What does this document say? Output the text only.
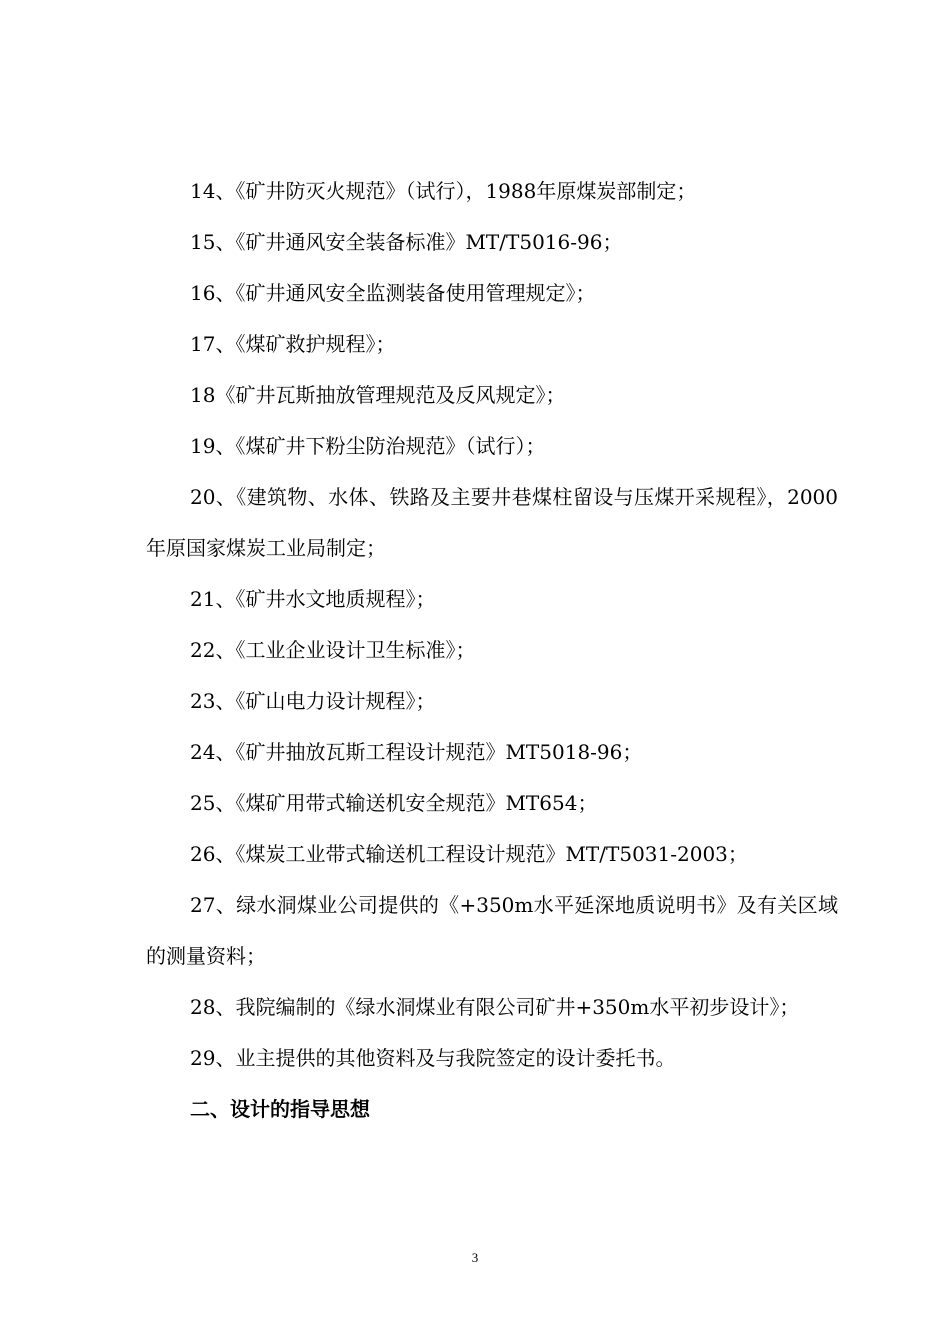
14、《矿井防灭火规范》（试行），1988年原煤炭部制定；

15、《矿井通风安全装备标准》MT/T5016-96；

16、《矿井通风安全监测装备使用管理规定》；

17、《煤矿救护规程》；

18《矿井瓦斯抽放管理规范及反风规定》；

19、《煤矿井下粉尘防治规范》（试行）；

20、《建筑物、水体、铁路及主要井巷煤柱留设与压煤开采规程》，2000年原国家煤炭工业局制定；

21、《矿井水文地质规程》；

22、《工业企业设计卫生标准》；

23、《矿山电力设计规程》；

24、《矿井抽放瓦斯工程设计规范》MT5018-96；

25、《煤矿用带式输送机安全规范》MT654；

26、《煤炭工业带式输送机工程设计规范》MT/T5031-2003；

27、绿水洞煤业公司提供的《+350m水平延深地质说明书》及有关区域的测量资料；

28、我院编制的《绿水洞煤业有限公司矿井+350m水平初步设计》；

29、业主提供的其他资料及与我院签定的设计委托书。

二、设计的指导思想

3
